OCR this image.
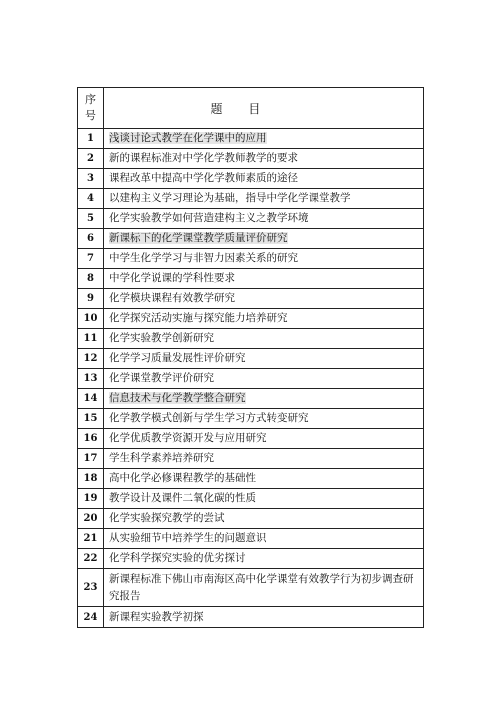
序
号	题 目
1	浅谈讨论式教学在化学课中的应用
2	新的课程标准对中学化学教师教学的要求
3	课程改革中提高中学化学教师素质的途径
4	以建构主义学习理论为基础，指导中学化学课堂教学
5	化学实验教学如何营造建构主义之教学环境
6	新课标下的化学课堂教学质量评价研究
7	中学生化学学习与非智力因素关系的研究
8	中学化学说课的学科性要求
9	化学模块课程有效教学研究
10	化学探究活动实施与探究能力培养研究
11	化学实验教学创新研究
12	化学学习质量发展性评价研究
13	化学课堂教学评价研究
14	信息技术与化学教学整合研究
15	化学教学模式创新与学生学习方式转变研究
16	化学优质教学资源开发与应用研究
17	学生科学素养培养研究
18	高中化学必修课程教学的基础性
19	教学设计及课件二氧化碳的性质
20	化学实验探究教学的尝试
21	从实验细节中培养学生的问题意识
22	化学科学探究实验的优劣探讨
23	新课程标准下佛山市南海区高中化学课堂有效教学行为初步调查研究报告
24	新课程实验教学初探
